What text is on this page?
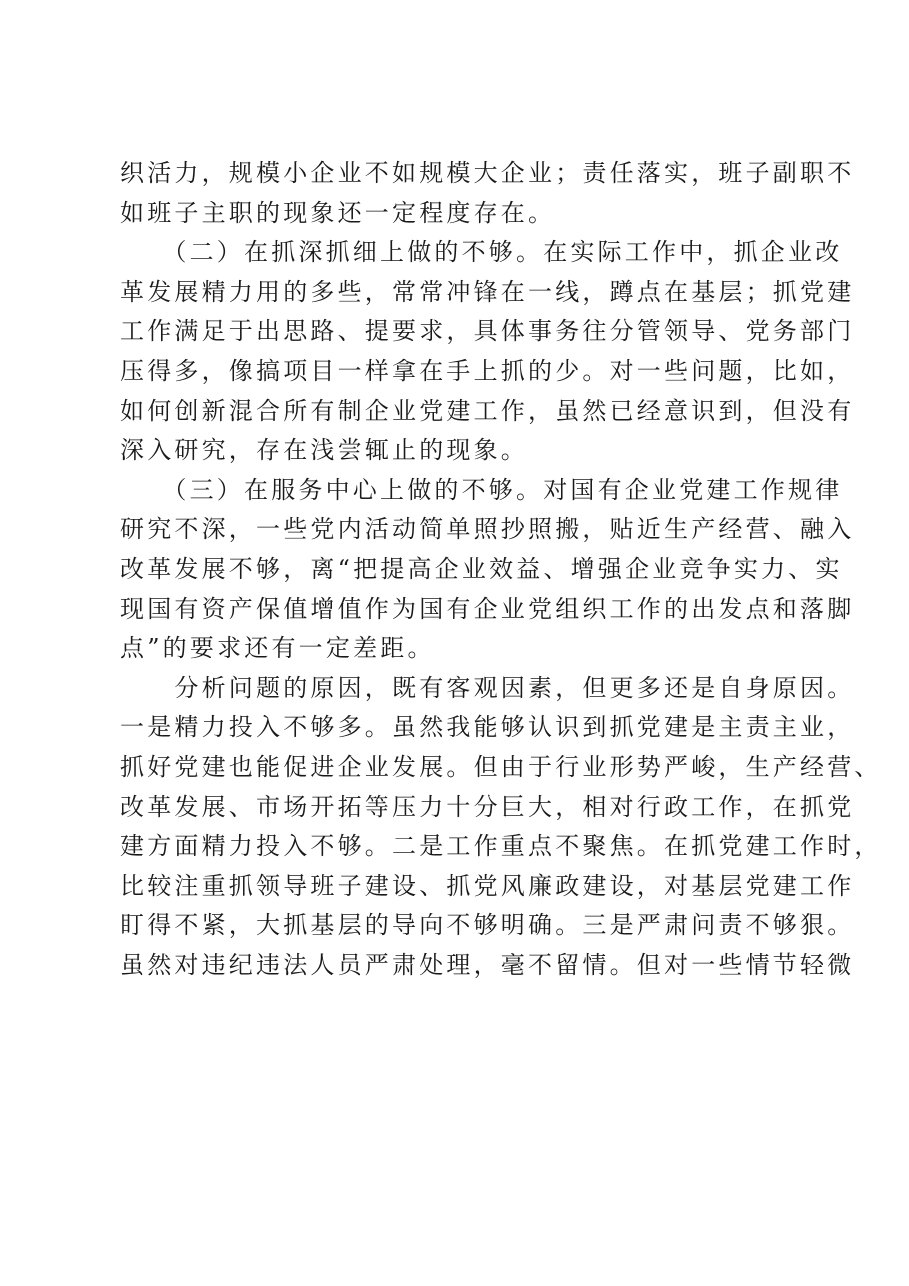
织活力，规模小企业不如规模大企业；责任落实，班子副职不
如班子主职的现象还一定程度存在。
　　（二）在抓深抓细上做的不够。在实际工作中，抓企业改
革发展精力用的多些，常常冲锋在一线，蹲点在基层；抓党建
工作满足于出思路、提要求，具体事务往分管领导、党务部门
压得多，像搞项目一样拿在手上抓的少。对一些问题，比如，
如何创新混合所有制企业党建工作，虽然已经意识到，但没有
深入研究，存在浅尝辄止的现象。
　　（三）在服务中心上做的不够。对国有企业党建工作规律
研究不深，一些党内活动简单照抄照搬，贴近生产经营、融入
改革发展不够，离“把提高企业效益、增强企业竞争实力、实
现国有资产保值增值作为国有企业党组织工作的出发点和落脚
点”的要求还有一定差距。
　　分析问题的原因，既有客观因素，但更多还是自身原因。
一是精力投入不够多。虽然我能够认识到抓党建是主责主业，
抓好党建也能促进企业发展。但由于行业形势严峻，生产经营、
改革发展、市场开拓等压力十分巨大，相对行政工作，在抓党
建方面精力投入不够。二是工作重点不聚焦。在抓党建工作时，
比较注重抓领导班子建设、抓党风廉政建设，对基层党建工作
盯得不紧，大抓基层的导向不够明确。三是严肃问责不够狠。
虽然对违纪违法人员严肃处理，毫不留情。但对一些情节轻微
